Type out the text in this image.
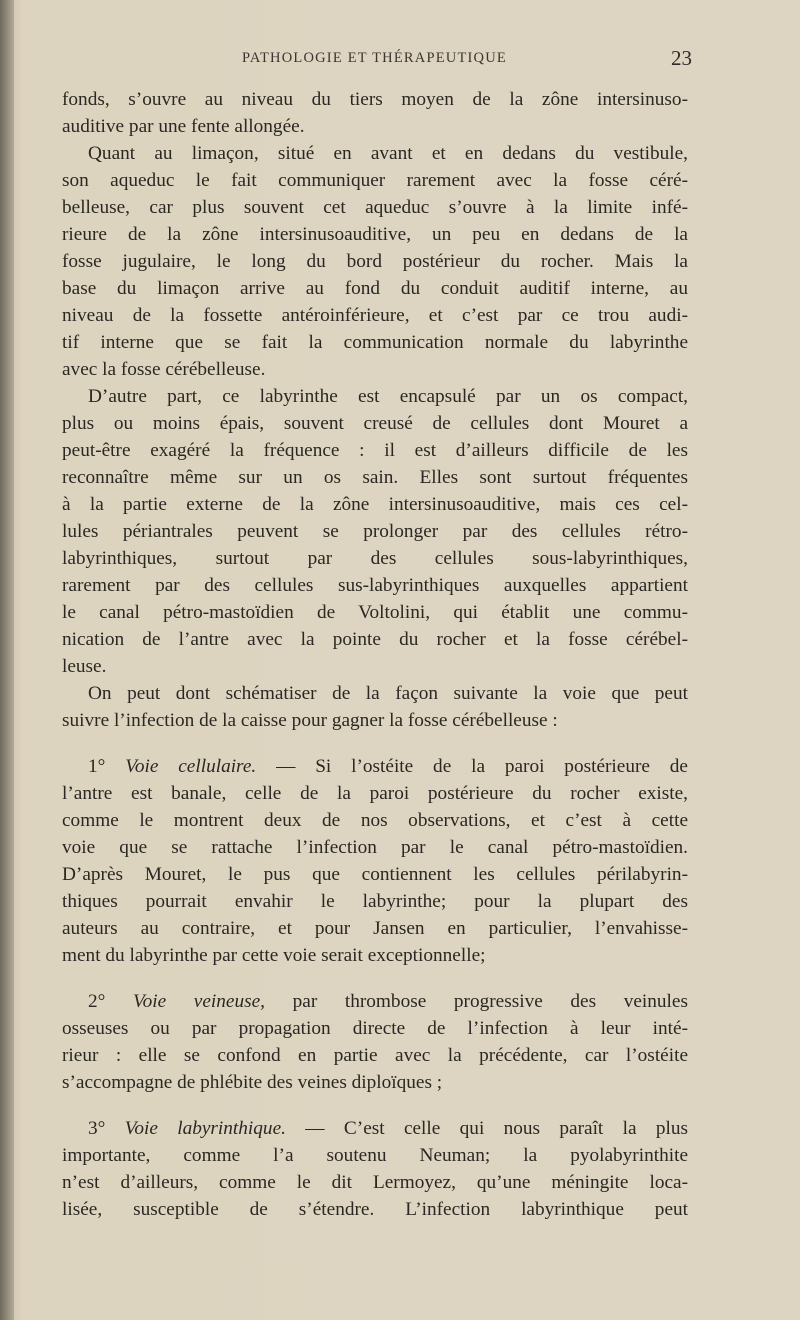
PATHOLOGIE ET THÉRAPEUTIQUE	23

fonds, s’ouvre au niveau du tiers moyen de la zône intersinuso-
auditive par une fente allongée.

Quant au limaçon, situé en avant et en dedans du vestibule,
son aqueduc le fait communiquer rarement avec la fosse céré-
belleuse, car plus souvent cet aqueduc s’ouvre à la limite infé-
rieure de la zône intersinusoauditive, un peu en dedans de la
fosse jugulaire, le long du bord postérieur du rocher. Mais la
base du limaçon arrive au fond du conduit auditif interne, au
niveau de la fossette antéroinférieure, et c’est par ce trou audi-
tif interne que se fait la communication normale du labyrinthe
avec la fosse cérébelleuse.

D’autre part, ce labyrinthe est encapsulé par un os compact,
plus ou moins épais, souvent creusé de cellules dont Mouret a
peut-être exagéré la fréquence : il est d’ailleurs difficile de les
reconnaître même sur un os sain. Elles sont surtout fréquentes
à la partie externe de la zône intersinusoauditive, mais ces cel-
lules périantrales peuvent se prolonger par des cellules rétro-
labyrinthiques, surtout par des cellules sous-labyrinthiques,
rarement par des cellules sus-labyrinthiques auxquelles appartient
le canal pétro-mastoïdien de Voltolini, qui établit une commu-
nication de l’antre avec la pointe du rocher et la fosse cérébel-
leuse.

On peut dont schématiser de la façon suivante la voie que peut
suivre l’infection de la caisse pour gagner la fosse cérébelleuse :

1° Voie cellulaire. — Si l’ostéite de la paroi postérieure de
l’antre est banale, celle de la paroi postérieure du rocher existe,
comme le montrent deux de nos observations, et c’est à cette
voie que se rattache l’infection par le canal pétro-mastoïdien.
D’après Mouret, le pus que contiennent les cellules périlabyrin-
thiques pourrait envahir le labyrinthe; pour la plupart des
auteurs au contraire, et pour Jansen en particulier, l’envahisse-
ment du labyrinthe par cette voie serait exceptionnelle;

2° Voie veineuse, par thrombose progressive des veinules
osseuses ou par propagation directe de l’infection à leur inté-
rieur : elle se confond en partie avec la précédente, car l’ostéite
s’accompagne de phlébite des veines diploïques ;

3° Voie labyrinthique. — C’est celle qui nous paraît la plus
importante, comme l’a soutenu Neuman; la pyolabyrinthite
n’est d’ailleurs, comme le dit Lermoyez, qu’une méningite loca-
lisée, susceptible de s’étendre. L’infection labyrinthique peut
